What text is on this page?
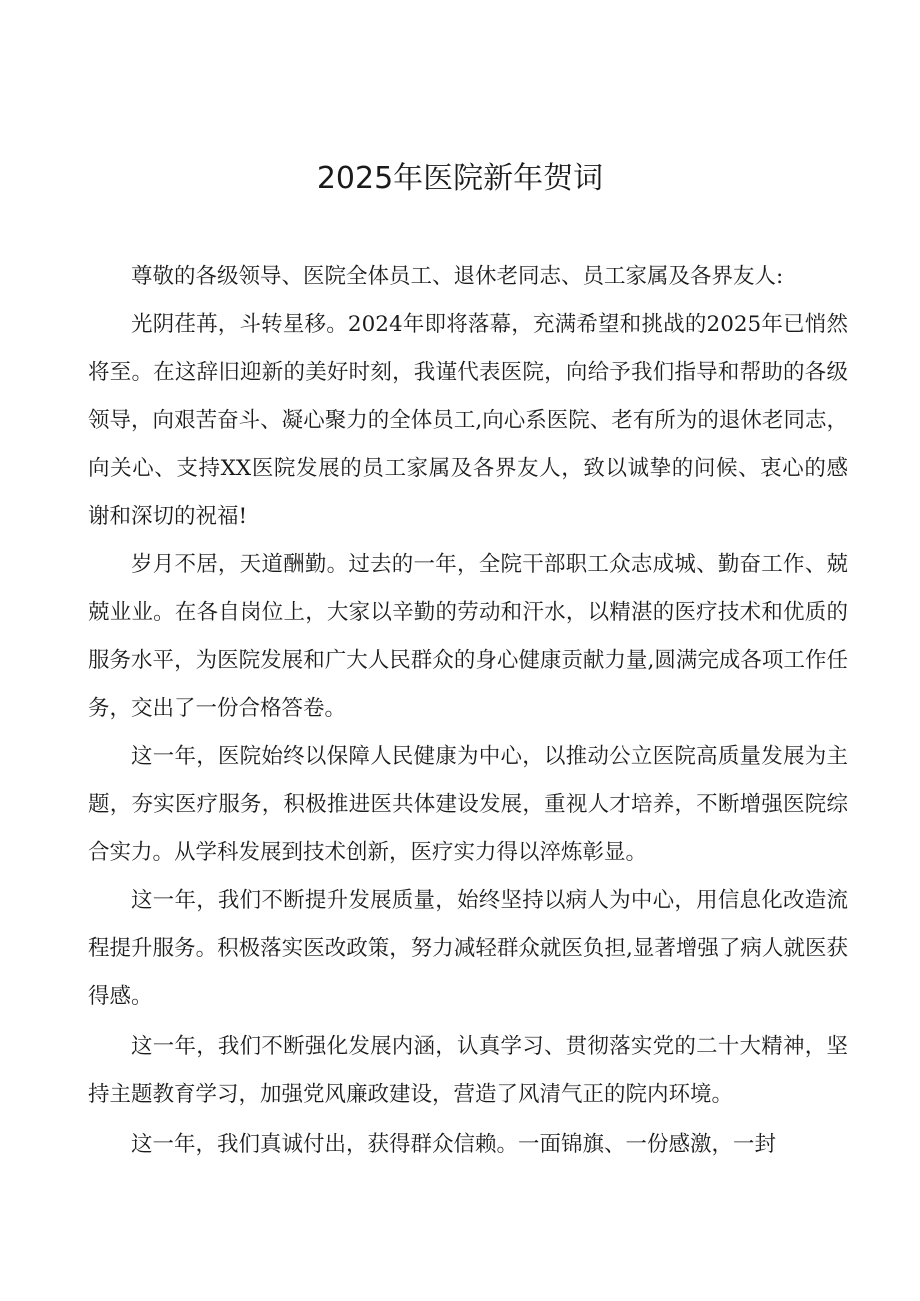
2025年医院新年贺词

尊敬的各级领导、医院全体员工、退休老同志、员工家属及各界友人:

光阴荏苒，斗转星移。2024年即将落幕，充满希望和挑战的2025年已悄然将至。在这辞旧迎新的美好时刻，我谨代表医院，向给予我们指导和帮助的各级领导，向艰苦奋斗、凝心聚力的全体员工,向心系医院、老有所为的退休老同志，向关心、支持XX医院发展的员工家属及各界友人，致以诚挚的问候、衷心的感谢和深切的祝福!

岁月不居，天道酬勤。过去的一年，全院干部职工众志成城、勤奋工作、兢兢业业。在各自岗位上，大家以辛勤的劳动和汗水，以精湛的医疗技术和优质的服务水平，为医院发展和广大人民群众的身心健康贡献力量,圆满完成各项工作任务，交出了一份合格答卷。

这一年，医院始终以保障人民健康为中心，以推动公立医院高质量发展为主题，夯实医疗服务，积极推进医共体建设发展，重视人才培养，不断增强医院综合实力。从学科发展到技术创新，医疗实力得以淬炼彰显。

这一年，我们不断提升发展质量，始终坚持以病人为中心，用信息化改造流程提升服务。积极落实医改政策，努力减轻群众就医负担,显著增强了病人就医获得感。

这一年，我们不断强化发展内涵，认真学习、贯彻落实党的二十大精神，坚持主题教育学习，加强党风廉政建设，营造了风清气正的院内环境。

这一年，我们真诚付出，获得群众信赖。一面锦旗、一份感激，一封
